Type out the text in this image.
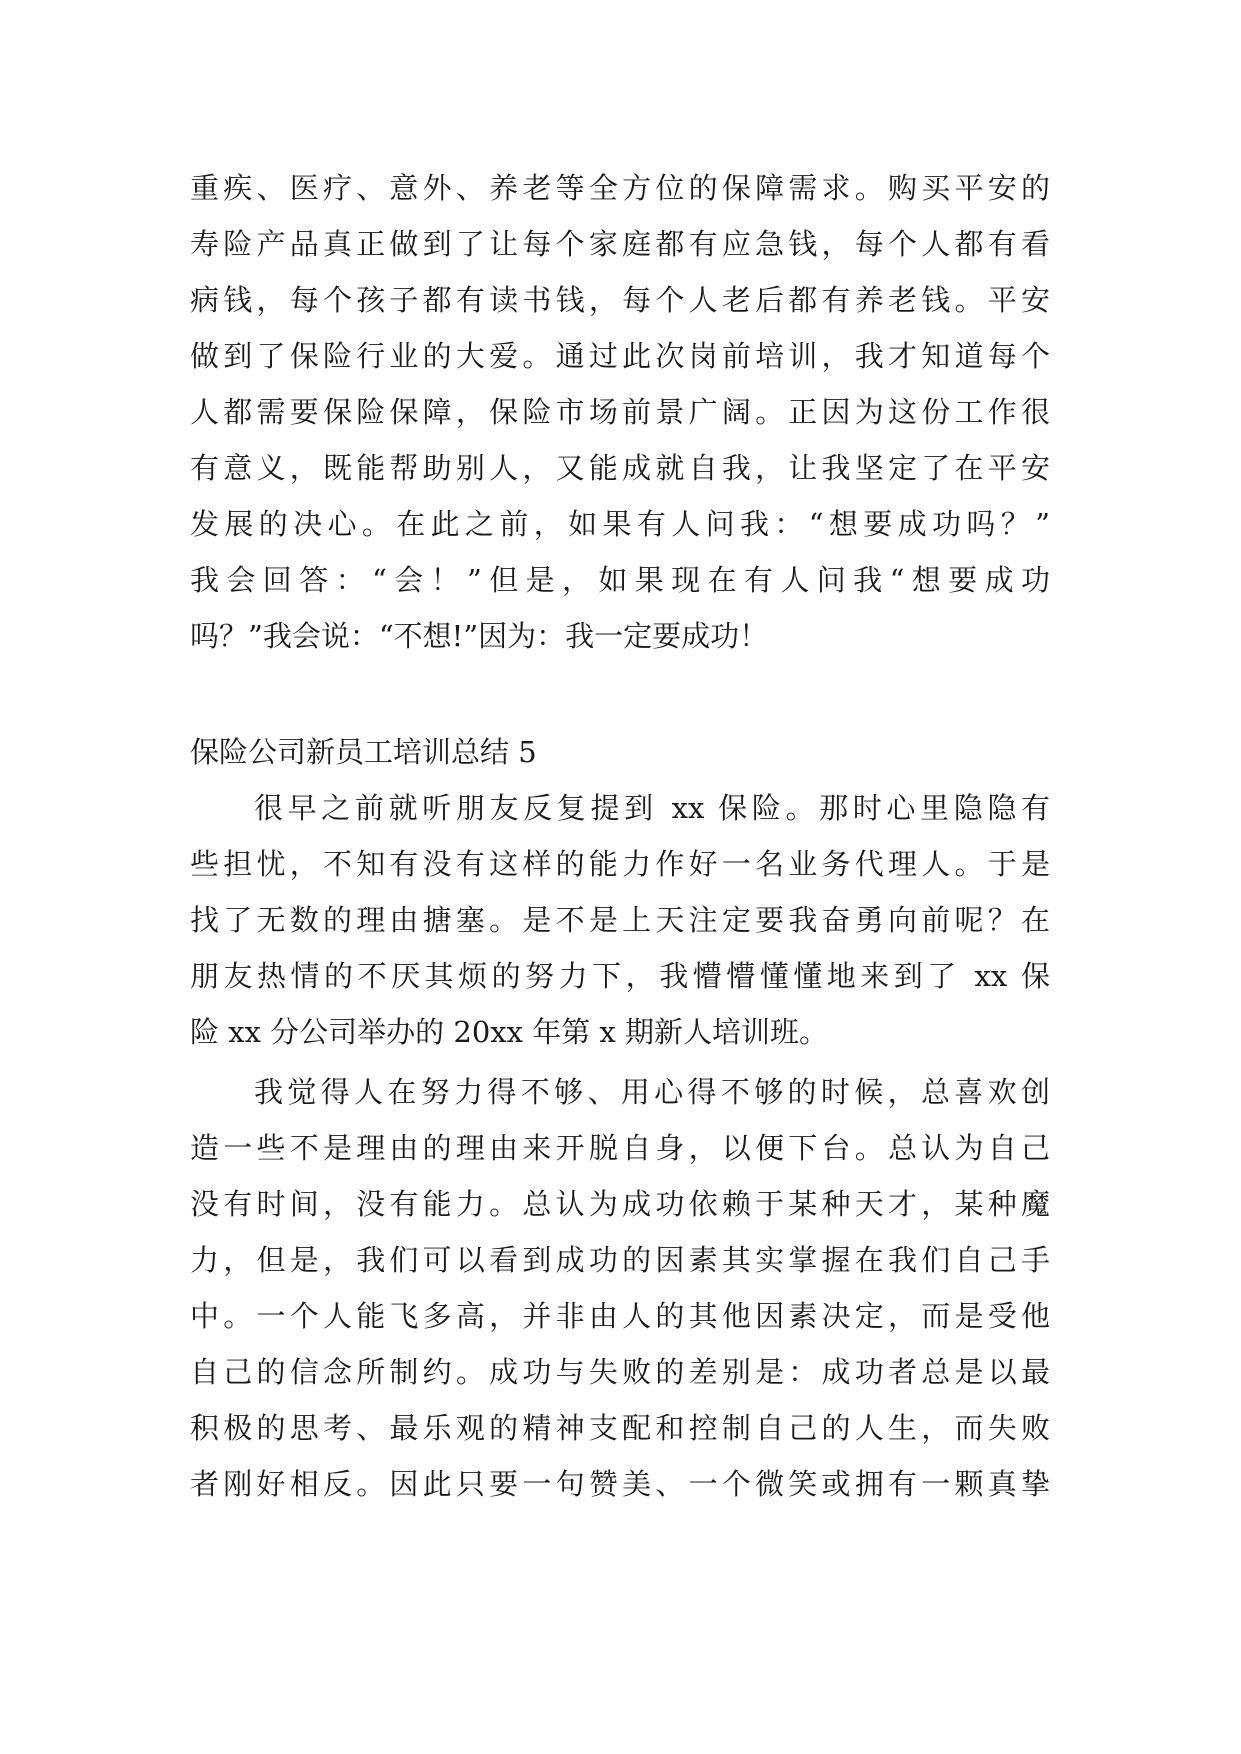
重疾、医疗、意外、养老等全方位的保障需求。购买平安的
寿险产品真正做到了让每个家庭都有应急钱，每个人都有看
病钱，每个孩子都有读书钱，每个人老后都有养老钱。平安
做到了保险行业的大爱。通过此次岗前培训，我才知道每个
人都需要保险保障，保险市场前景广阔。正因为这份工作很
有意义，既能帮助别人，又能成就自我，让我坚定了在平安
发展的决心。在此之前，如果有人问我：“想要成功吗？”
我会回答：“会！”但是，如果现在有人问我“想要成功
吗？”我会说：“不想!”因为：我一定要成功！
保险公司新员工培训总结 5
很早之前就听朋友反复提到 xx 保险。那时心里隐隐有
些担忧，不知有没有这样的能力作好一名业务代理人。于是
找了无数的理由搪塞。是不是上天注定要我奋勇向前呢？在
朋友热情的不厌其烦的努力下，我懵懵懂懂地来到了 xx 保
险 xx 分公司举办的 20xx 年第 x 期新人培训班。
我觉得人在努力得不够、用心得不够的时候，总喜欢创
造一些不是理由的理由来开脱自身，以便下台。总认为自己
没有时间，没有能力。总认为成功依赖于某种天才，某种魔
力，但是，我们可以看到成功的因素其实掌握在我们自己手
中。一个人能飞多高，并非由人的其他因素决定，而是受他
自己的信念所制约。成功与失败的差别是：成功者总是以最
积极的思考、最乐观的精神支配和控制自己的人生，而失败
者刚好相反。因此只要一句赞美、一个微笑或拥有一颗真挚
